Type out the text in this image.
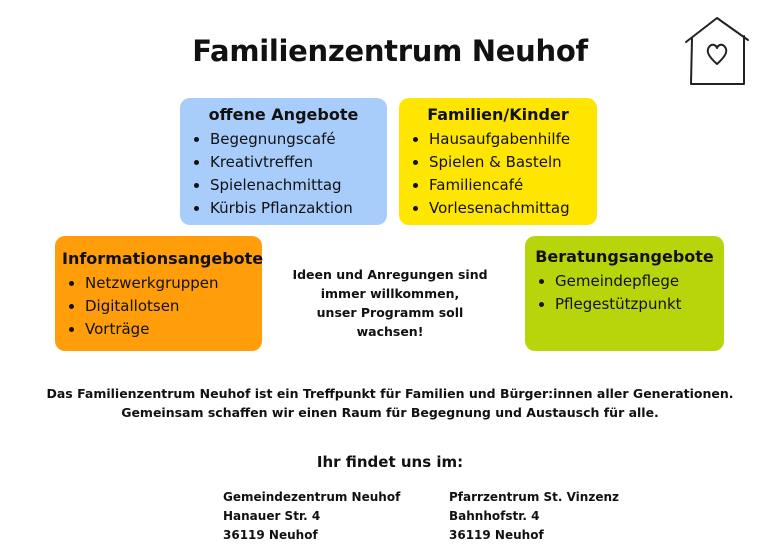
Familienzentrum Neuhof
offene Angebote
• Begegnungscafé
• Kreativtreffen
• Spielenachmittag
• Kürbis Pflanzaktion
Familien/Kinder
• Hausaufgabenhilfe
• Spielen & Basteln
• Familiencafé
• Vorlesenachmittag
Informationsangebote
• Netzwerkgruppen
• Digitallotsen
• Vorträge
Beratungsangebote
• Gemeindepflege
• Pflegestützpunkt
Ideen und Anregungen sind
immer willkommen,
unser Programm soll
wachsen!
Das Familienzentrum Neuhof ist ein Treffpunkt für Familien und Bürger:innen aller Generationen.
Gemeinsam schaffen wir einen Raum für Begegnung und Austausch für alle.
Ihr findet uns im:
Gemeindezentrum Neuhof
Hanauer Str. 4
36119 Neuhof
Pfarrzentrum St. Vinzenz
Bahnhofstr. 4
36119 Neuhof
